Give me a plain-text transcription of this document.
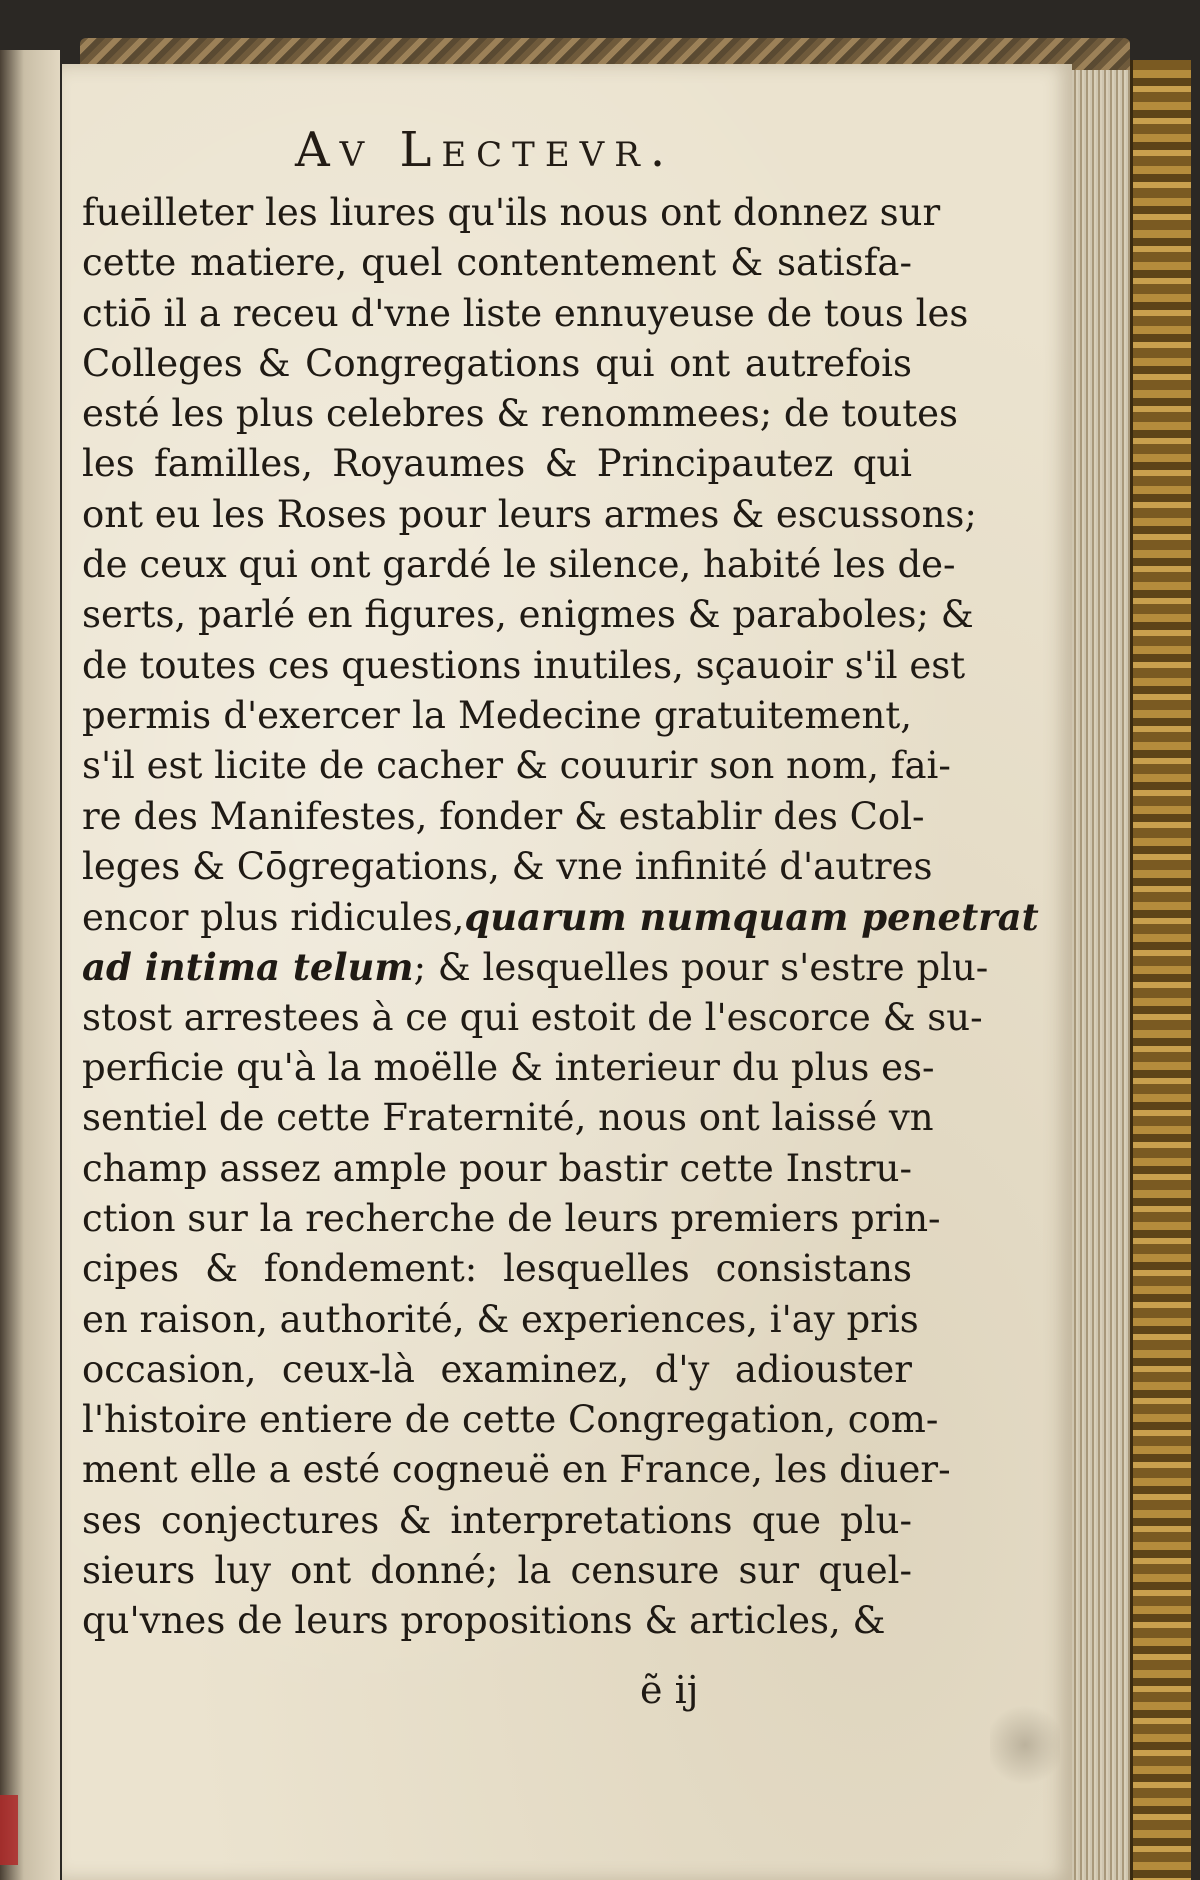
Av Lectevr.
fueilleter les liures qu'ils nous ont donnez sur
cette matiere, quel contentement & satisfa-
ctiō il a receu d'vne liste ennuyeuse de tous les
Colleges & Congregations qui ont autrefois
esté les plus celebres & renommees; de toutes
les familles, Royaumes & Principautez qui
ont eu les Roses pour leurs armes & escussons;
de ceux qui ont gardé le silence, habité les de-
serts, parlé en figures, enigmes & paraboles; &
de toutes ces questions inutiles, sçauoir s'il est
permis d'exercer la Medecine gratuitement,
s'il est licite de cacher & couurir son nom, fai-
re des Manifestes, fonder & establir des Col-
leges & Cōgregations, & vne infinité d'autres
encor plus ridicules,quarum numquam penetrat
ad intima telum; & lesquelles pour s'estre plu-
stost arrestees à ce qui estoit de l'escorce & su-
perficie qu'à la moëlle & interieur du plus es-
sentiel de cette Fraternité, nous ont laissé vn
champ assez ample pour bastir cette Instru-
ction sur la recherche de leurs premiers prin-
cipes & fondement: lesquelles consistans
en raison, authorité, & experiences, i'ay pris
occasion, ceux-là examinez, d'y adiouster
l'histoire entiere de cette Congregation, com-
ment elle a esté cogneuë en France, les diuer-
ses conjectures & interpretations que plu-
sieurs luy ont donné; la censure sur quel-
qu'vnes de leurs propositions & articles, &
ẽ ij
